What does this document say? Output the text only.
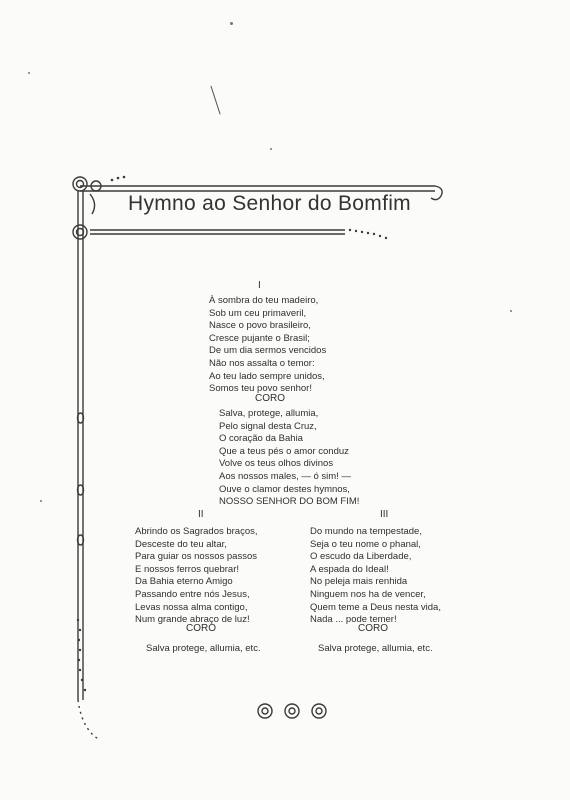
Hymno ao Senhor do Bomfim
I
À sombra do teu madeiro,
Sob um ceu primaveril,
Nasce o povo brasileiro,
Cresce pujante o Brasil;
De um dia sermos vencidos
Não nos assalta o temor:
Ao teu lado sempre unidos,
Somos teu povo senhor!
CORO
Salva, protege, allumia,
Pelo signal desta Cruz,
O coração da Bahia
Que a teus pés o amor conduz
Volve os teus olhos divinos
Aos nossos males, — ó sim! —
Ouve o clamor destes hymnos,
NOSSO SENHOR DO BOM FIM!
II
Abrindo os Sagrados braços,
Desceste do teu altar,
Para guiar os nossos passos
E nossos ferros quebrar!
Da Bahia eterno Amigo
Passando entre nós Jesus,
Levas nossa alma contigo,
Num grande abraço de luz!
CORO
Salva protege, allumia, etc.
III
Do mundo na tempestade,
Seja o teu nome o phanal,
O escudo da Liberdade,
A espada do Ideal!
No peleja mais renhida
Ninguem nos ha de vencer,
Quem teme a Deus nesta vida,
Nada ... pode temer!
CORO
Salva protege, allumia, etc.
